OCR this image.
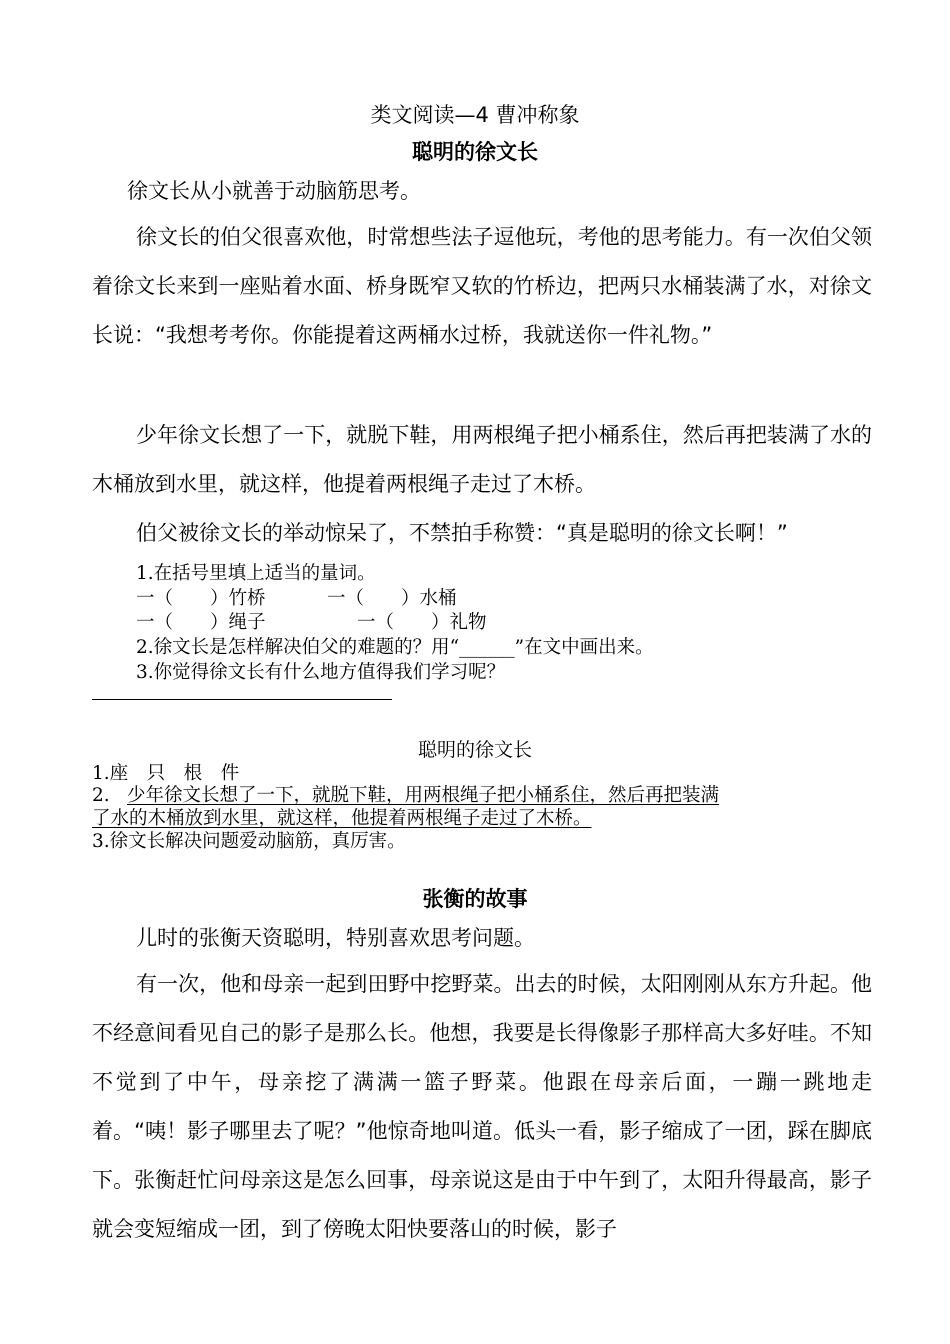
类文阅读—4 曹冲称象
聪明的徐文长
徐文长从小就善于动脑筋思考。
徐文长的伯父很喜欢他，时常想些法子逗他玩，考他的思考能力。有一次伯父领着徐文长来到一座贴着水面、桥身既窄又软的竹桥边，把两只水桶装满了水，对徐文长说：“我想考考你。你能提着这两桶水过桥，我就送你一件礼物。”
少年徐文长想了一下，就脱下鞋，用两根绳子把小桶系住，然后再把装满了水的木桶放到水里，就这样，他提着两根绳子走过了木桥。
伯父被徐文长的举动惊呆了，不禁拍手称赞：“真是聪明的徐文长啊！”
1.在括号里填上适当的量词。
一（　　）竹桥	一（　　）水桶
一（　　）绳子	一（　　）礼物
2.徐文长是怎样解决伯父的难题的？用“______”在文中画出来。
3.你觉得徐文长有什么地方值得我们学习呢？
聪明的徐文长
1.座　只　根　件
2.　
少年徐文长想了一下，就脱下鞋，用两根绳子把小桶系住，然后再把装满
了水的木桶放到水里，就这样，他提着两根绳子走过了木桥。
3.徐文长解决问题爱动脑筋，真厉害。
张衡的故事
儿时的张衡天资聪明，特别喜欢思考问题。
有一次，他和母亲一起到田野中挖野菜。出去的时候，太阳刚刚从东方升起。他不经意间看见自己的影子是那么长。他想，我要是长得像影子那样高大多好哇。不知不觉到了中午，母亲挖了满满一篮子野菜。他跟在母亲后面，一蹦一跳地走着。“咦！影子哪里去了呢？”他惊奇地叫道。低头一看，影子缩成了一团，踩在脚底下。张衡赶忙问母亲这是怎么回事，母亲说这是由于中午到了，太阳升得最高，影子就会变短缩成一团，到了傍晚太阳快要落山的时候，影子
